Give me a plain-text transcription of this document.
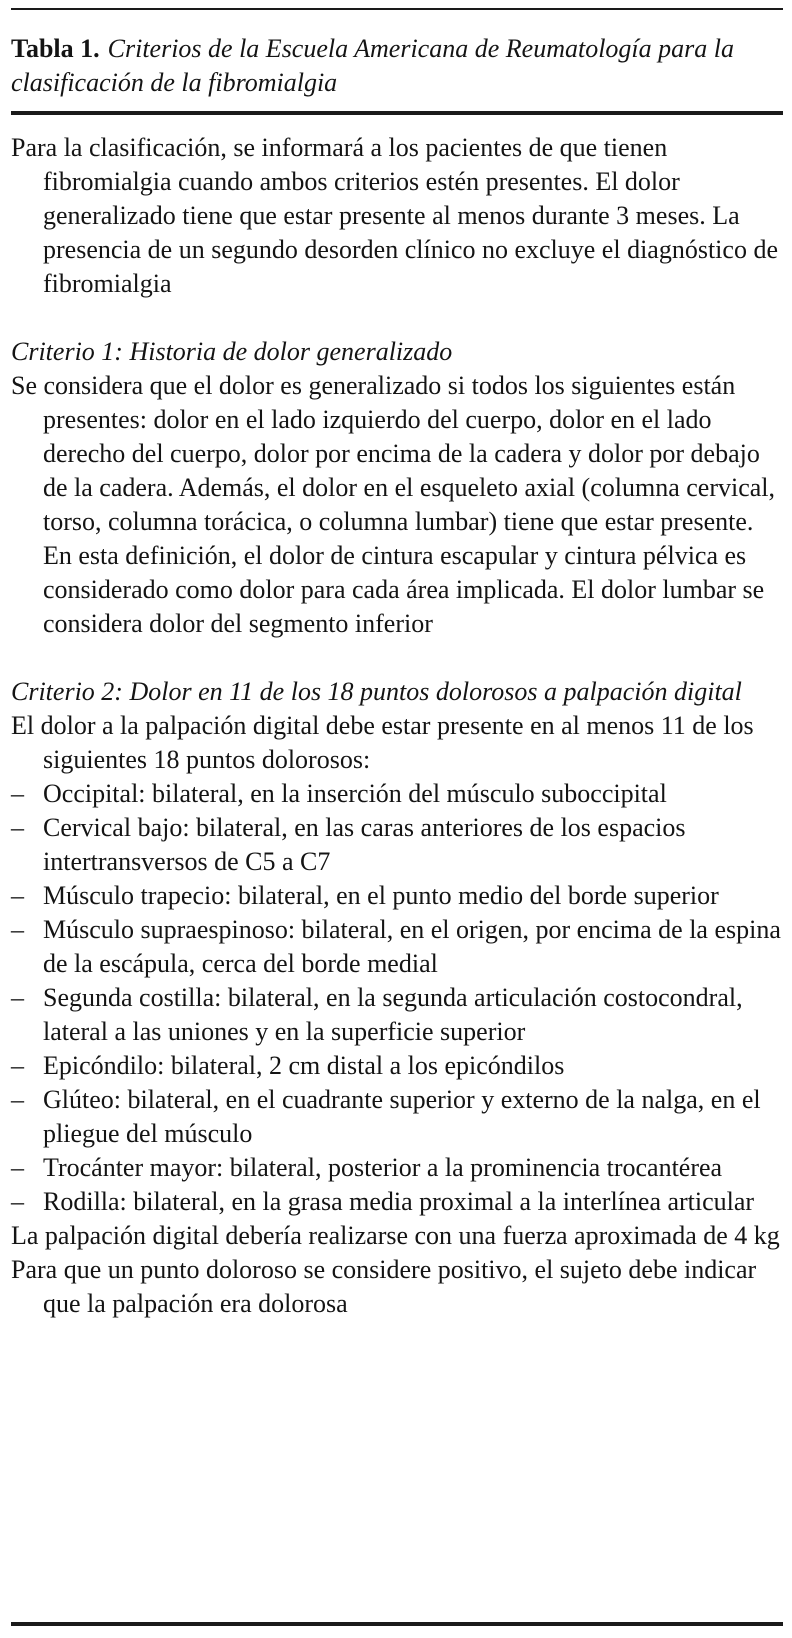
Tabla 1. Criterios de la Escuela Americana de Reumatología para la clasificación de la fibromialgia

Para la clasificación, se informará a los pacientes de que tienen fibromialgia cuando ambos criterios estén presentes. El dolor generalizado tiene que estar presente al menos durante 3 meses. La presencia de un segundo desorden clínico no excluye el diagnóstico de fibromialgia

Criterio 1: Historia de dolor generalizado

Se considera que el dolor es generalizado si todos los siguientes están presentes: dolor en el lado izquierdo del cuerpo, dolor en el lado derecho del cuerpo, dolor por encima de la cadera y dolor por debajo de la cadera. Además, el dolor en el esqueleto axial (columna cervical, torso, columna torácica, o columna lumbar) tiene que estar presente. En esta definición, el dolor de cintura escapular y cintura pélvica es considerado como dolor para cada área implicada. El dolor lumbar se considera dolor del segmento inferior

Criterio 2: Dolor en 11 de los 18 puntos dolorosos a palpación digital

El dolor a la palpación digital debe estar presente en al menos 11 de los siguientes 18 puntos dolorosos:

– Occipital: bilateral, en la inserción del músculo suboccipital
– Cervical bajo: bilateral, en las caras anteriores de los espacios intertransversos de C5 a C7
– Músculo trapecio: bilateral, en el punto medio del borde superior
– Músculo supraespinoso: bilateral, en el origen, por encima de la espina de la escápula, cerca del borde medial
– Segunda costilla: bilateral, en la segunda articulación costocondral, lateral a las uniones y en la superficie superior
– Epicóndilo: bilateral, 2 cm distal a los epicóndilos
– Glúteo: bilateral, en el cuadrante superior y externo de la nalga, en el pliegue del músculo
– Trocánter mayor: bilateral, posterior a la prominencia trocantérea
– Rodilla: bilateral, en la grasa media proximal a la interlínea articular

La palpación digital debería realizarse con una fuerza aproximada de 4 kg

Para que un punto doloroso se considere positivo, el sujeto debe indicar que la palpación era dolorosa
